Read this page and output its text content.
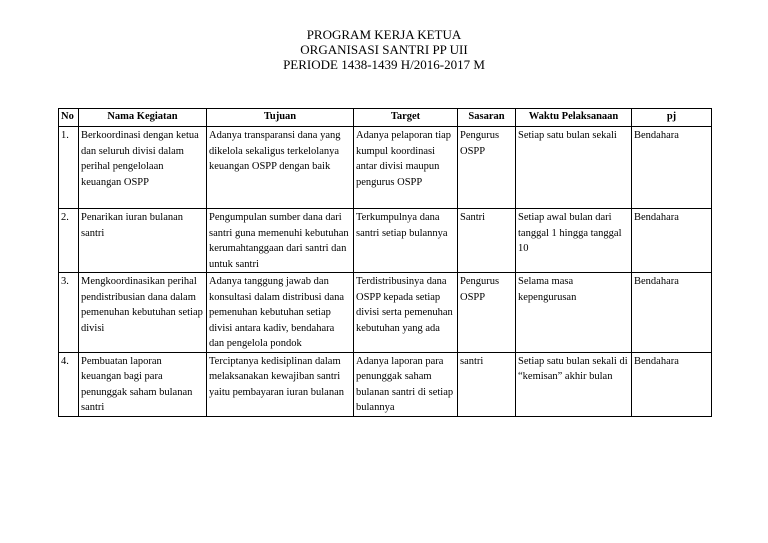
PROGRAM KERJA KETUA
ORGANISASI SANTRI PP UII
PERIODE 1438-1439 H/2016-2017 M
No	Nama Kegiatan	Tujuan	Target	Sasaran	Waktu Pelaksanaan	pj
1.	Berkoordinasi dengan ketua dan seluruh divisi dalam perihal pengelolaan keuangan OSPP	Adanya transparansi dana yang dikelola sekaligus terkelolanya keuangan OSPP dengan baik	Adanya pelaporan tiap kumpul koordinasi antar divisi maupun pengurus OSPP	Pengurus OSPP	Setiap satu bulan sekali	Bendahara
2.	Penarikan iuran bulanan santri	Pengumpulan sumber dana dari santri guna memenuhi kebutuhan kerumahtanggaan dari santri dan untuk santri	Terkumpulnya dana santri setiap bulannya	Santri	Setiap awal bulan dari tanggal 1 hingga tanggal 10	Bendahara
3.	Mengkoordinasikan perihal pendistribusian dana dalam pemenuhan kebutuhan setiap divisi	Adanya tanggung jawab dan konsultasi dalam distribusi dana pemenuhan kebutuhan setiap divisi antara kadiv, bendahara dan pengelola pondok	Terdistribusinya dana OSPP kepada setiap divisi serta pemenuhan kebutuhan yang ada	Pengurus OSPP	Selama masa kepengurusan	Bendahara
4.	Pembuatan laporan keuangan bagi para penunggak saham bulanan santri	Terciptanya kedisiplinan dalam melaksanakan kewajiban santri yaitu pembayaran iuran bulanan	Adanya laporan para penunggak saham bulanan santri di setiap bulannya	santri	Setiap satu bulan sekali di “kemisan” akhir bulan	Bendahara
